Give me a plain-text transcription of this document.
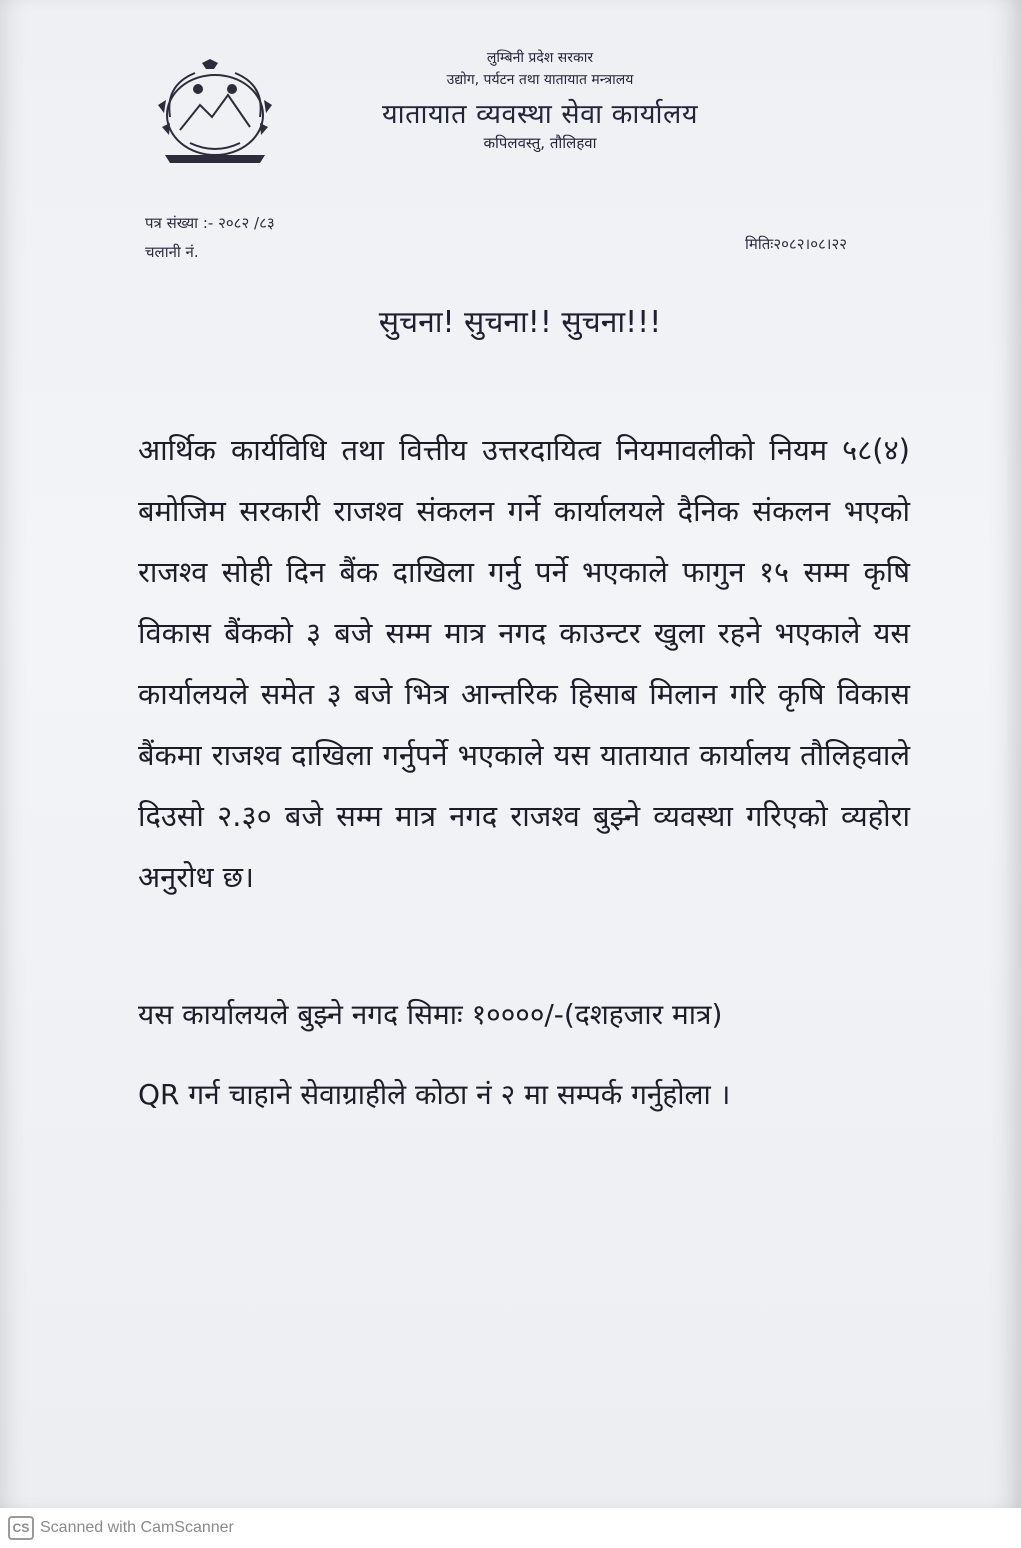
लुम्बिनी प्रदेश सरकार
उद्योग, पर्यटन तथा यातायात मन्त्रालय
यातायात व्यवस्था सेवा कार्यालय
कपिलवस्तु, तौलिहवा
पत्र संख्या :- २०८२ /८३
चलानी नं.	मितिः२०८२।०८।२२
सुचना! सुचना!! सुचना!!!
आर्थिक कार्यविधि तथा वित्तीय उत्तरदायित्व नियमावलीको नियम ५८(४) बमोजिम सरकारी राजश्व संकलन गर्ने कार्यालयले दैनिक संकलन भएको राजश्व सोही दिन बैंक दाखिला गर्नु पर्ने भएकाले फागुन १५ सम्म कृषि विकास बैंकको ३ बजे सम्म मात्र नगद काउन्टर खुला रहने भएकाले यस कार्यालयले समेत ३ बजे भित्र आन्तरिक हिसाब मिलान गरि कृषि विकास बैंकमा राजश्व दाखिला गर्नुपर्ने भएकाले यस यातायात कार्यालय तौलिहवाले दिउसो २.३० बजे सम्म मात्र नगद राजश्व बुझ्ने व्यवस्था गरिएको व्यहोरा अनुरोध छ।
यस कार्यालयले बुझ्ने नगद सिमाः १००००/-(दशहजार मात्र)
QR गर्न चाहाने सेवाग्राहीले कोठा नं २ मा सम्पर्क गर्नुहोला ।
CS Scanned with CamScanner
